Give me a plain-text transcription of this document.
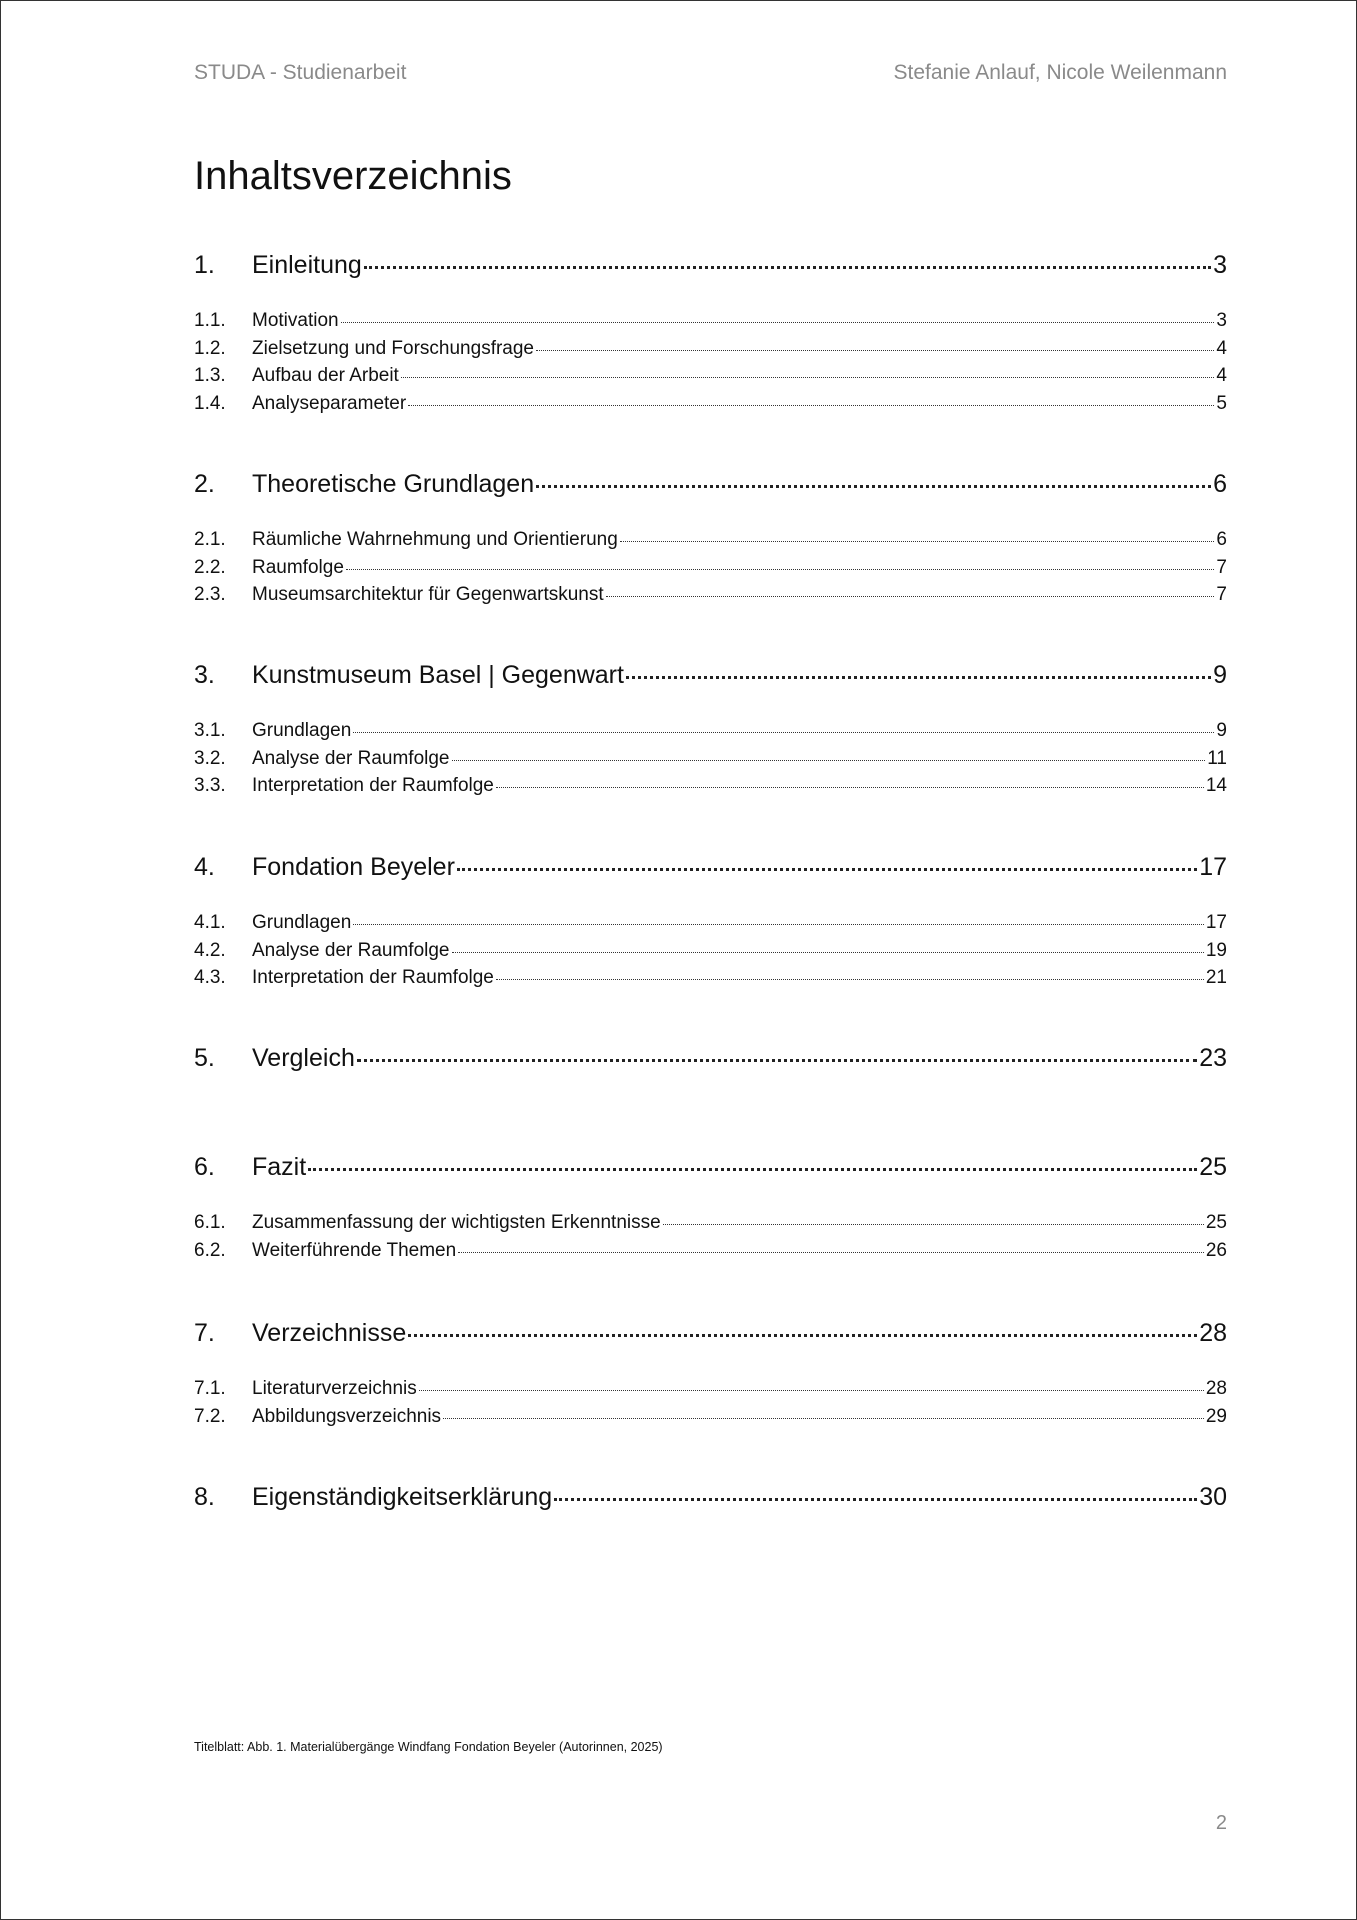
STUDA - Studienarbeit	Stefanie Anlauf, Nicole Weilenmann
Inhaltsverzeichnis
1.	Einleitung	3
1.1.	Motivation	3
1.2.	Zielsetzung und Forschungsfrage	4
1.3.	Aufbau der Arbeit	4
1.4.	Analyseparameter	5
2.	Theoretische Grundlagen	6
2.1.	Räumliche Wahrnehmung und Orientierung	6
2.2.	Raumfolge	7
2.3.	Museumsarchitektur für Gegenwartskunst	7
3.	Kunstmuseum Basel | Gegenwart	9
3.1.	Grundlagen	9
3.2.	Analyse der Raumfolge	11
3.3.	Interpretation der Raumfolge	14
4.	Fondation Beyeler	17
4.1.	Grundlagen	17
4.2.	Analyse der Raumfolge	19
4.3.	Interpretation der Raumfolge	21
5.	Vergleich	23
6.	Fazit	25
6.1.	Zusammenfassung der wichtigsten Erkenntnisse	25
6.2.	Weiterführende Themen	26
7.	Verzeichnisse	28
7.1.	Literaturverzeichnis	28
7.2.	Abbildungsverzeichnis	29
8.	Eigenständigkeitserklärung	30
Titelblatt: Abb. 1. Materialübergänge Windfang Fondation Beyeler (Autorinnen, 2025)
2
